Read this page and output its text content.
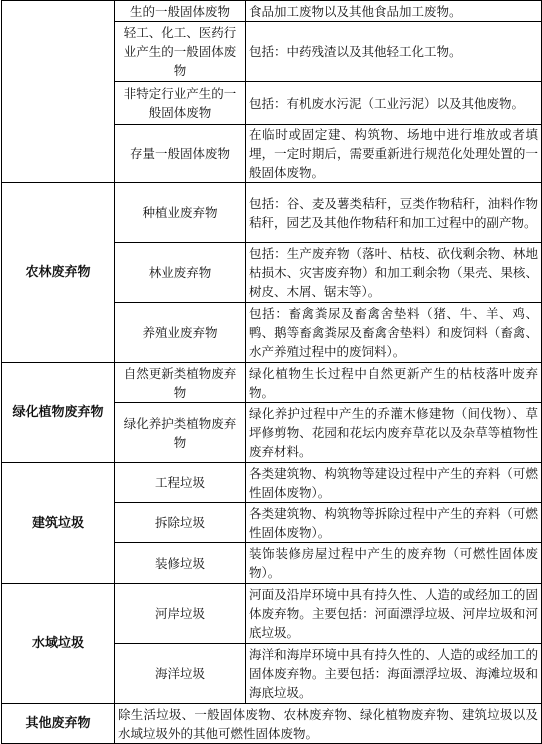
	生的一般固体废物	食品加工废物以及其他食品加工废物。
	轻工、化工、医药行业产生的一般固体废物	包括：中药残渣以及其他轻工化工物。
	非特定行业产生的一般固体废物	包括：有机废水污泥（工业污泥）以及其他废物。
	存量一般固体废物	在临时或固定建、构筑物、场地中进行堆放或者填埋，一定时期后，需要重新进行规范化处理处置的一般固体废物。
农林废弃物	种植业废弃物	包括：谷、麦及薯类秸秆，豆类作物秸秆，油料作物秸秆，园艺及其他作物秸秆和加工过程中的副产物。
	林业废弃物	包括：生产废弃物（落叶、枯枝、砍伐剩余物、林地枯损木、灾害废弃物）和加工剩余物（果壳、果核、树皮、木屑、锯末等）。
	养殖业废弃物	包括：畜禽粪尿及畜禽舍垫料（猪、牛、羊、鸡、鸭、鹅等畜禽粪尿及畜禽舍垫料）和废饲料（畜禽、水产养殖过程中的废饲料）。
绿化植物废弃物	自然更新类植物废弃物	绿化植物生长过程中自然更新产生的枯枝落叶废弃物。
	绿化养护类植物废弃物	绿化养护过程中产生的乔灌木修建物（间伐物）、草坪修剪物、花园和花坛内废弃草花以及杂草等植物性废弃材料。
建筑垃圾	工程垃圾	各类建筑物、构筑物等建设过程中产生的弃料（可燃性固体废物）。
	拆除垃圾	各类建筑物、构筑物等拆除过程中产生的弃料（可燃性固体废物）。
	装修垃圾	装饰装修房屋过程中产生的废弃物（可燃性固体废物）。
水域垃圾	河岸垃圾	河面及沿岸环境中具有持久性、人造的或经加工的固体废弃物。主要包括：河面漂浮垃圾、河岸垃圾和河底垃圾。
	海洋垃圾	海洋和海岸环境中具有持久性的、人造的或经加工的固体废弃物。主要包括：海面漂浮垃圾、海滩垃圾和海底垃圾。
其他废弃物	除生活垃圾、一般固体废物、农林废弃物、绿化植物废弃物、建筑垃圾以及水域垃圾外的其他可燃性固体废物。	
